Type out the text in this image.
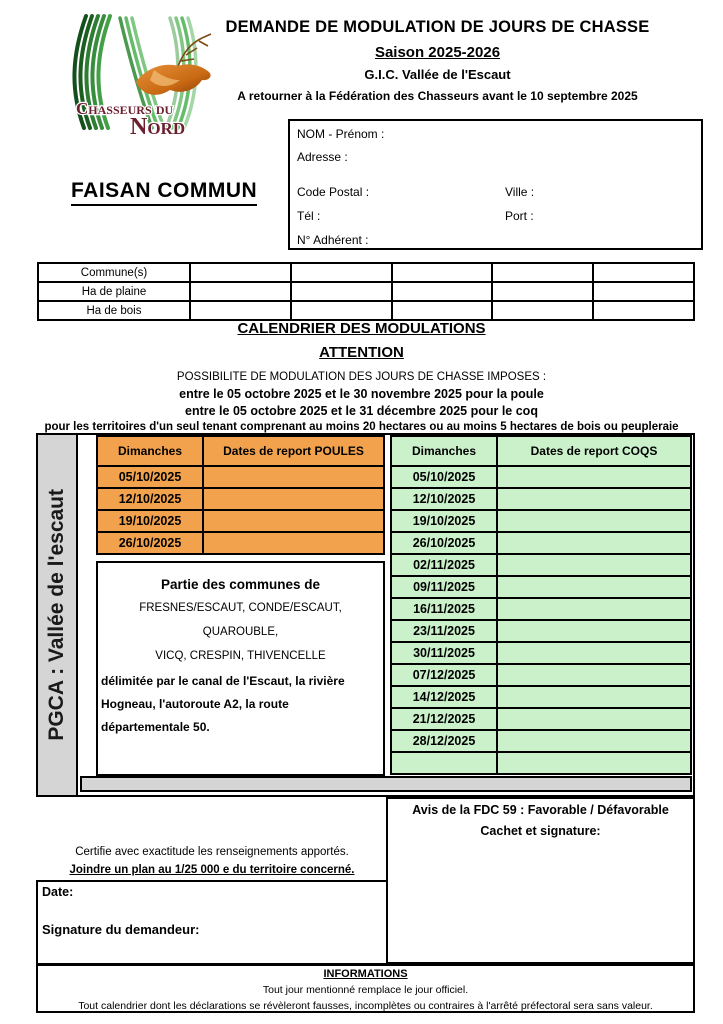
Chasseurs du
Nord
DEMANDE DE MODULATION DE JOURS DE CHASSE
Saison 2025-2026
G.I.C. Vallée de l'Escaut
A retourner à la Fédération des Chasseurs avant le 10 septembre 2025
NOM - Prénom :
Adresse :
Code Postal :	Ville :
Tél :	Port :
N° Adhérent :
FAISAN COMMUN
Commune(s)					
Ha de plaine					
Ha de bois					
CALENDRIER DES MODULATIONS
ATTENTION
POSSIBILITE DE MODULATION DES JOURS DE CHASSE IMPOSES :
entre le 05 octobre 2025 et le 30 novembre 2025 pour la poule
entre le 05 octobre 2025 et le 31 décembre 2025 pour le coq
pour les territoires d'un seul tenant comprenant au moins 20 hectares ou au moins 5 hectares de bois ou peupleraie
PGCA : Vallée de l'escaut
Dimanches	Dates de report POULES
05/10/2025
12/10/2025
19/10/2025
26/10/2025
Partie des communes de
FRESNES/ESCAUT, CONDE/ESCAUT,
QUAROUBLE,
VICQ, CRESPIN, THIVENCELLE
délimitée par le canal de l'Escaut, la rivière
Hogneau, l'autoroute A2, la route
départementale 50.
Dimanches	Dates de report COQS
05/10/2025
12/10/2025
19/10/2025
26/10/2025
02/11/2025
09/11/2025
16/11/2025
23/11/2025
30/11/2025
07/12/2025
14/12/2025
21/12/2025
28/12/2025
Avis de la FDC 59 : Favorable / Défavorable
Cachet et signature:
Certifie avec exactitude les renseignements apportés.
Joindre un plan au 1/25 000 e du territoire concerné.
Date:
Signature du demandeur:
INFORMATIONS
Tout jour mentionné remplace le jour officiel.
Tout calendrier dont les déclarations se révèleront fausses, incomplètes ou contraires à l'arrêté préfectoral sera sans valeur.
